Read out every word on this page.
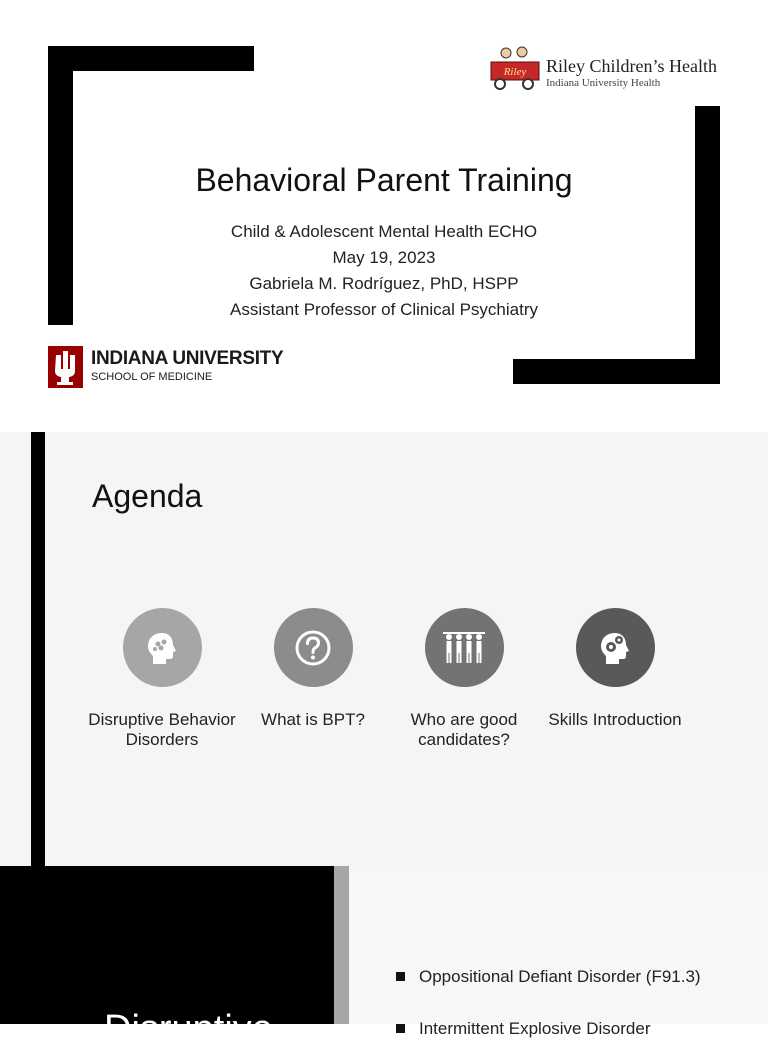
Riley Riley Children’s Health
Indiana University Health
Behavioral Parent Training
Child & Adolescent Mental Health ECHO
May 19, 2023
Gabriela M. Rodríguez, PhD, HSPP
Assistant Professor of Clinical Psychiatry
INDIANA UNIVERSITY
SCHOOL OF MEDICINE
Agenda
Disruptive Behavior Disorders
What is BPT?	Who are good candidates?
Skills Introduction
Disruptive
Oppositional Defiant Disorder (F91.3)
Intermittent Explosive Disorder
